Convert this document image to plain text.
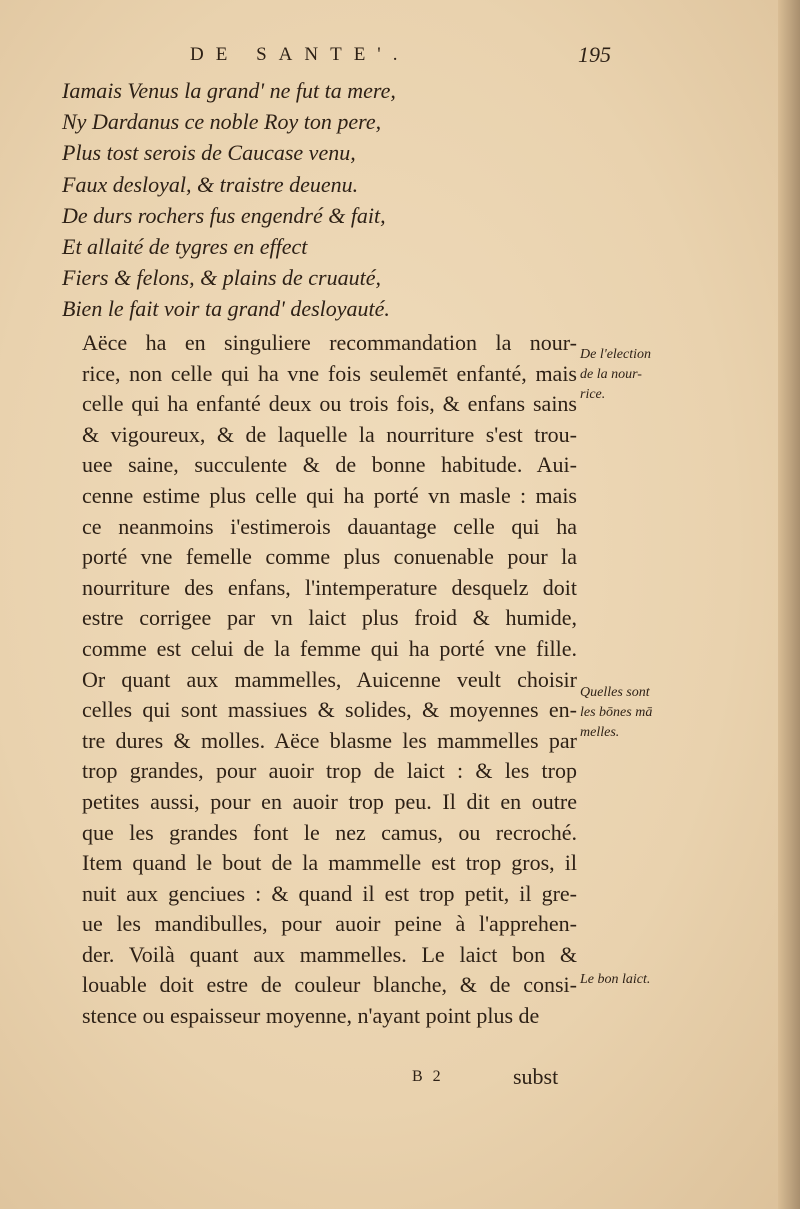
DE SANTE'.	195
Iamais Venus la grand' ne fut ta mere,
Ny Dardanus ce noble Roy ton pere,
Plus tost serois de Caucase venu,
Faux desloyal, & traistre deuenu.
De durs rochers fus engendré & fait,
Et allaité de tygres en effect
Fiers & felons, & plains de cruauté,
Bien le fait voir ta grand' desloyauté.
Aëce ha en singuliere recommandation la nour-
rice, non celle qui ha vne fois seulemēt enfanté, mais
celle qui ha enfanté deux ou trois fois, & enfans sains
& vigoureux, & de laquelle la nourriture s'est trou-
uee saine, succulente & de bonne habitude. Aui-
cenne estime plus celle qui ha porté vn masle : mais
ce neanmoins i'estimerois dauantage celle qui ha
porté vne femelle comme plus conuenable pour la
nourriture des enfans, l'intemperature desquelz doit
estre corrigee par vn laict plus froid & humide,
comme est celui de la femme qui ha porté vne fille.
Or quant aux mammelles, Auicenne veult choisir
celles qui sont massiues & solides, & moyennes en-
tre dures & molles. Aëce blasme les mammelles par
trop grandes, pour auoir trop de laict : & les trop
petites aussi, pour en auoir trop peu. Il dit en outre
que les grandes font le nez camus, ou recroché.
Item quand le bout de la mammelle est trop gros, il
nuit aux genciues : & quand il est trop petit, il gre-
ue les mandibulles, pour auoir peine à l'apprehen-
der. Voilà quant aux mammelles. Le laict bon &
louable doit estre de couleur blanche, & de consi-
stence ou espaisseur moyenne, n'ayant point plus de
De l'election
de la nour-
rice.
Quelles sont
les bōnes mā
melles.
Le bon laict.
B 2	subst
